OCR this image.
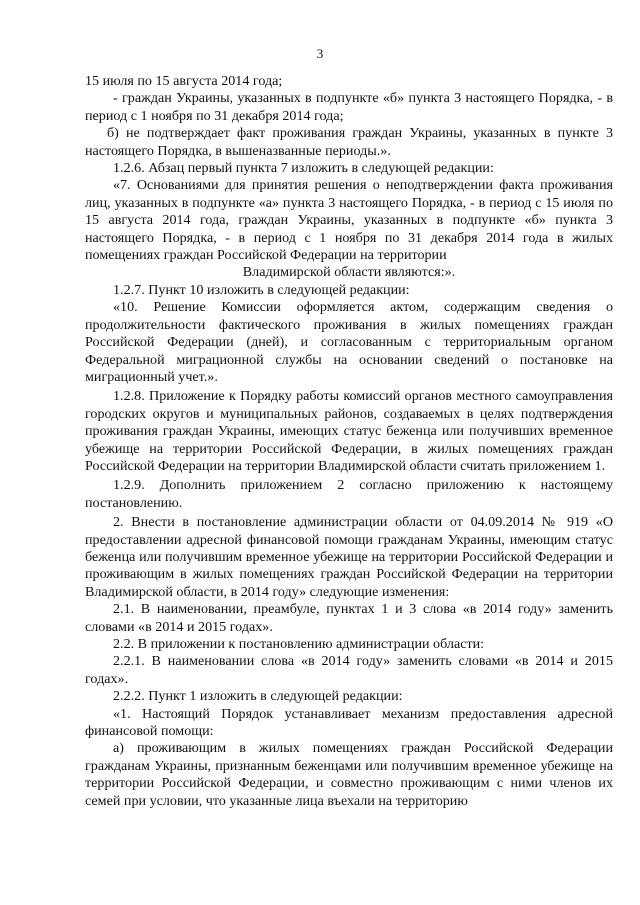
3

15 июля по 15 августа 2014 года;

- граждан Украины, указанных в подпункте «б» пункта 3 настоящего Порядка, - в период с 1 ноября по 31 декабря 2014 года;

б) не подтверждает факт проживания граждан Украины, указанных в пункте 3 настоящего Порядка, в вышеназванные периоды.».

1.2.6. Абзац первый пункта 7 изложить в следующей редакции:

«7. Основаниями для принятия решения о неподтверждении факта проживания лиц, указанных в подпункте «а» пункта 3 настоящего Порядка, - в период с 15 июля по 15 августа 2014 года, граждан Украины, указанных в подпункте «б» пункта 3 настоящего Порядка, - в период с 1 ноября по 31 декабря 2014 года в жилых помещениях граждан Российской Федерации на территории

Владимирской области являются:».

1.2.7. Пункт 10 изложить в следующей редакции:

«10. Решение Комиссии оформляется актом, содержащим сведения о продолжительности фактического проживания в жилых помещениях граждан Российской Федерации (дней), и согласованным с территориальным органом Федеральной миграционной службы на основании сведений о постановке на миграционный учет.».

1.2.8. Приложение к Порядку работы комиссий органов местного самоуправления городских округов и муниципальных районов, создаваемых в целях подтверждения проживания граждан Украины, имеющих статус беженца или получивших временное убежище на территории Российской Федерации, в жилых помещениях граждан Российской Федерации на территории Владимирской области считать приложением 1.

1.2.9. Дополнить приложением 2 согласно приложению к настоящему постановлению.

2. Внести в постановление администрации области от 04.09.2014 № 919 «О предоставлении адресной финансовой помощи гражданам Украины, имеющим статус беженца или получившим временное убежище на территории Российской Федерации и проживающим в жилых помещениях граждан Российской Федерации на территории Владимирской области, в 2014 году» следующие изменения:

2.1. В наименовании, преамбуле, пунктах 1 и 3 слова «в 2014 году» заменить словами «в 2014 и 2015 годах».

2.2. В приложении к постановлению администрации области:

2.2.1. В наименовании слова «в 2014 году» заменить словами «в 2014 и 2015 годах».

2.2.2. Пункт 1 изложить в следующей редакции:

«1. Настоящий Порядок устанавливает механизм предоставления адресной финансовой помощи:

а) проживающим в жилых помещениях граждан Российской Федерации гражданам Украины, признанным беженцами или получившим временное убежище на территории Российской Федерации, и совместно проживающим с ними членов их семей при условии, что указанные лица въехали на территорию
